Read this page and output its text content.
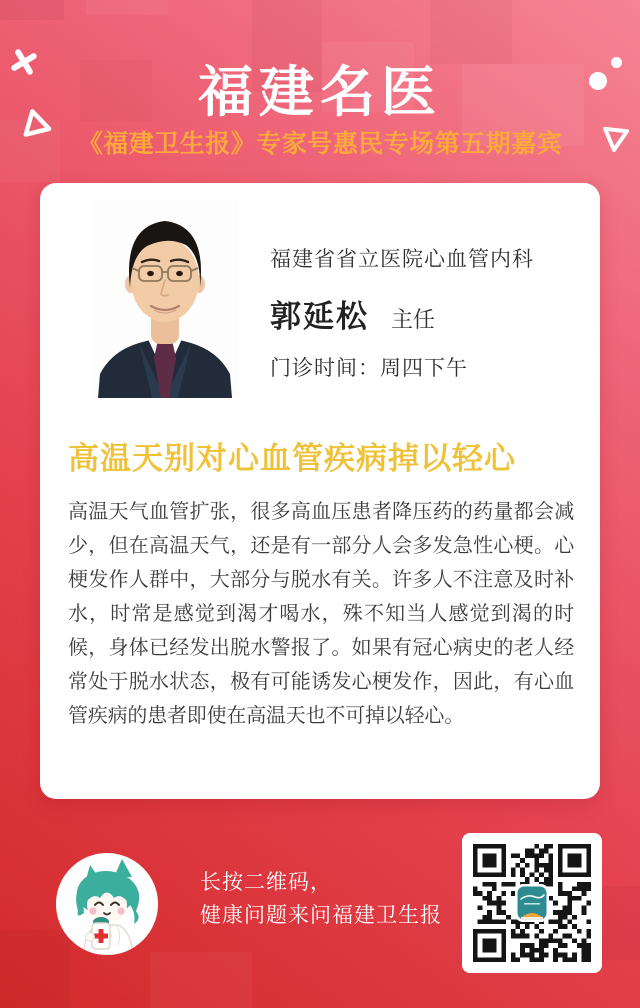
福建名医
《福建卫生报》专家号惠民专场第五期嘉宾
福建省省立医院心血管内科
郭延松 主任
门诊时间：周四下午
高温天别对心血管疾病掉以轻心

高温天气血管扩张，很多高血压患者降压药的药量都会减少，但在高温天气，还是有一部分人会多发急性心梗。心梗发作人群中，大部分与脱水有关。许多人不注意及时补水，时常是感觉到渴才喝水，殊不知当人感觉到渴的时候，身体已经发出脱水警报了。如果有冠心病史的老人经常处于脱水状态，极有可能诱发心梗发作，因此，有心血管疾病的患者即使在高温天也不可掉以轻心。

长按二维码，
健康问题来问福建卫生报
